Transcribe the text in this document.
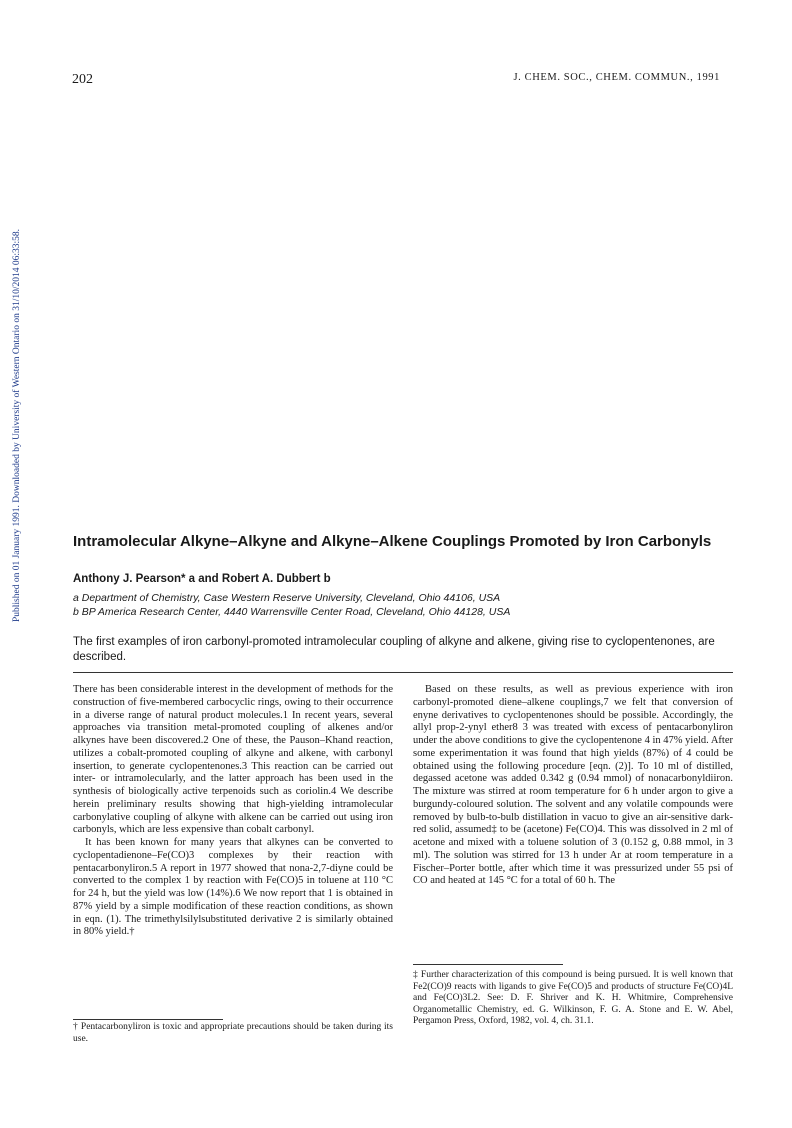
202	J. CHEM. SOC., CHEM. COMMUN., 1991
Published on 01 January 1991. Downloaded by University of Western Ontario on 31/10/2014 06:33:58.	Intramolecular Alkyne–Alkyne and Alkyne–Alkene Couplings Promoted by Iron Carbonyls
Anthony J. Pearson* a and Robert A. Dubbert b
a Department of Chemistry, Case Western Reserve University, Cleveland, Ohio 44106, USA
b BP America Research Center, 4440 Warrensville Center Road, Cleveland, Ohio 44128, USA
The first examples of iron carbonyl-promoted intramolecular coupling of alkyne and alkene, giving rise to cyclopentenones, are described.

There has been considerable interest in the development of methods for the construction of five-membered carbocyclic rings, owing to their occurrence in a diverse range of natural product molecules.1 In recent years, several approaches via transition metal-promoted coupling of alkenes and/or alkynes have been discovered.2 One of these, the Pauson–Khand reaction, utilizes a cobalt-promoted coupling of alkyne and alkene, with carbonyl insertion, to generate cyclopentenones.3 This reaction can be carried out inter- or intramolecularly, and the latter approach has been used in the synthesis of biologically active terpenoids such as coriolin.4 We describe herein preliminary results showing that high-yielding intramolecular carbonylative coupling of alkyne with alkene can be carried out using iron carbonyls, which are less expensive than cobalt carbonyl.

It has been known for many years that alkynes can be converted to cyclopentadienone–Fe(CO)3 complexes by their reaction with pentacarbonyliron.5 A report in 1977 showed that nona-2,7-diyne could be converted to the complex 1 by reaction with Fe(CO)5 in toluene at 110 °C for 24 h, but the yield was low (14%).6 We now report that 1 is obtained in 87% yield by a simple modification of these reaction conditions, as shown in eqn. (1). The trimethylsilylsubstituted derivative 2 is similarly obtained in 80% yield.†

† Pentacarbonyliron is toxic and appropriate precautions should be taken during its use.

Based on these results, as well as previous experience with iron carbonyl-promoted diene–alkene couplings,7 we felt that conversion of enyne derivatives to cyclopentenones should be possible. Accordingly, the allyl prop-2-ynyl ether8 3 was treated with excess of pentacarbonyliron under the above conditions to give the cyclopentenone 4 in 47% yield. After some experimentation it was found that high yields (87%) of 4 could be obtained using the following procedure [eqn. (2)]. To 10 ml of distilled, degassed acetone was added 0.342 g (0.94 mmol) of nonacarbonyldiiron. The mixture was stirred at room temperature for 6 h under argon to give a burgundy-coloured solution. The solvent and any volatile compounds were removed by bulb-to-bulb distillation in vacuo to give an air-sensitive dark-red solid, assumed‡ to be (acetone) Fe(CO)4. This was dissolved in 2 ml of acetone and mixed with a toluene solution of 3 (0.152 g, 0.88 mmol, in 3 ml). The solution was stirred for 13 h under Ar at room temperature in a Fischer–Porter bottle, after which time it was pressurized under 55 psi of CO and heated at 145 °C for a total of 60 h. The

‡ Further characterization of this compound is being pursued. It is well known that Fe2(CO)9 reacts with ligands to give Fe(CO)5 and products of structure Fe(CO)4L and Fe(CO)3L2. See: D. F. Shriver and K. H. Whitmire, Comprehensive Organometallic Chemistry, ed. G. Wilkinson, F. G. A. Stone and E. W. Abel, Pergamon Press, Oxford, 1982, vol. 4, ch. 31.1.
